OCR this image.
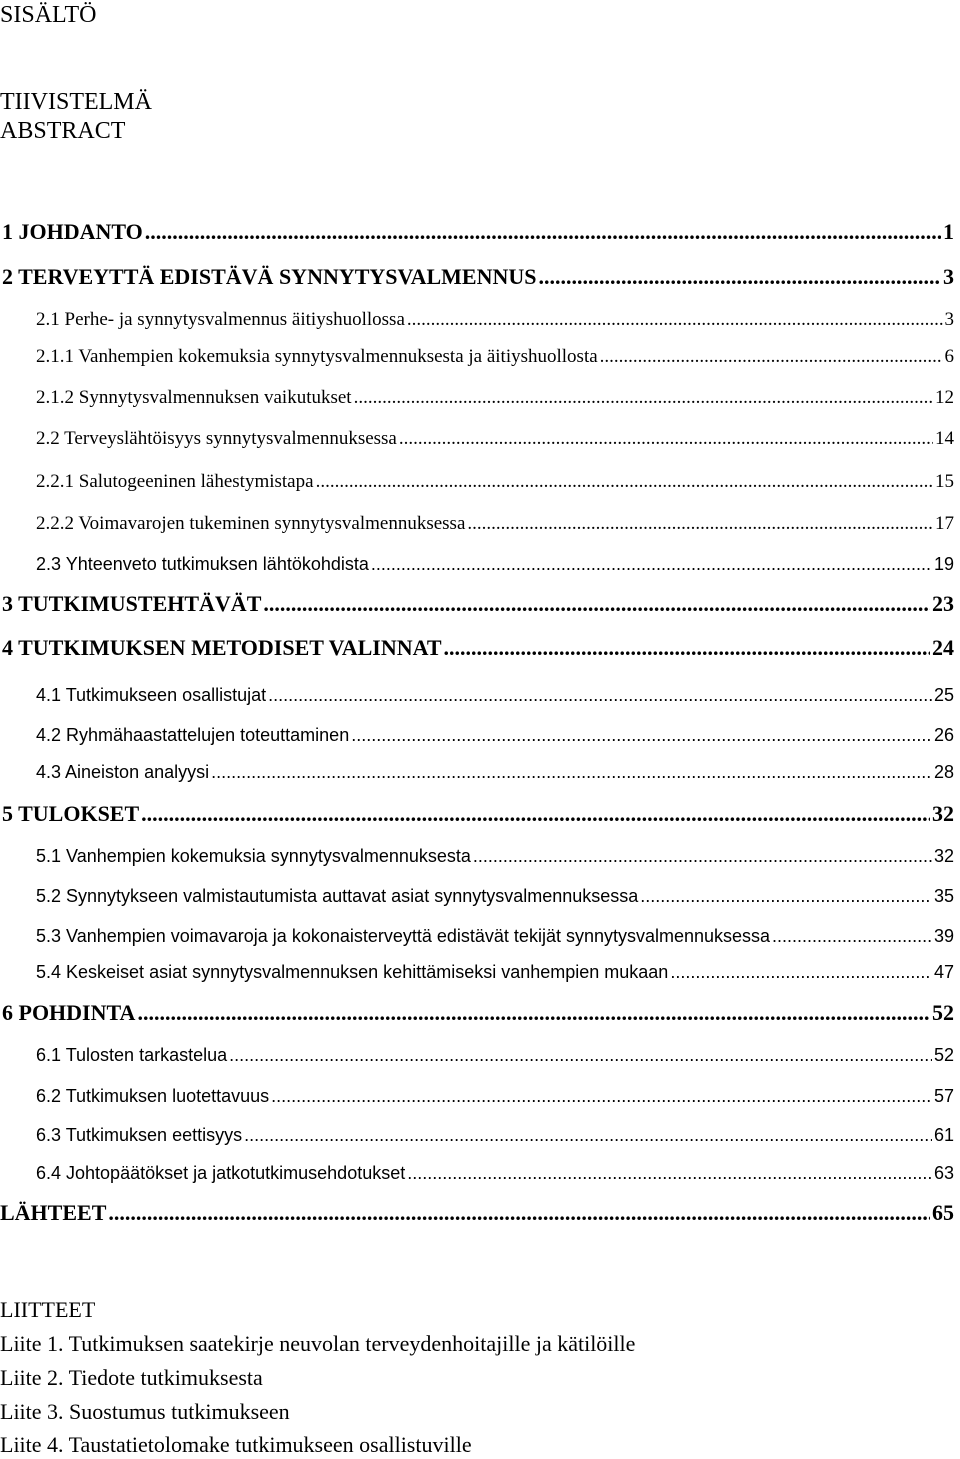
SISÄLTÖ
TIIVISTELMÄ
ABSTRACT
1 JOHDANTO .....	1
2 TERVEYTTÄ EDISTÄVÄ SYNNYTYSVALMENNUS .....	3
2.1 Perhe- ja synnytysvalmennus äitiyshuollossa .....	3
2.1.1 Vanhempien kokemuksia synnytysvalmennuksesta ja äitiyshuollosta .....	6
2.1.2 Synnytysvalmennuksen vaikutukset .....	12
2.2 Terveyslähtöisyys synnytysvalmennuksessa .....	14
2.2.1 Salutogeeninen lähestymistapa .....	15
2.2.2 Voimavarojen tukeminen synnytysvalmennuksessa .....	17
2.3 Yhteenveto tutkimuksen lähtökohdista .....	19
3 TUTKIMUSTEHTÄVÄT .....	23
4 TUTKIMUKSEN METODISET VALINNAT .....	24
4.1 Tutkimukseen osallistujat .....	25
4.2 Ryhmähaastattelujen toteuttaminen .....	26
4.3 Aineiston analyysi .....	28
5 TULOKSET .....	32
5.1 Vanhempien kokemuksia synnytysvalmennuksesta .....	32
5.2 Synnytykseen valmistautumista auttavat asiat synnytysvalmennuksessa .....	35
5.3 Vanhempien voimavaroja ja kokonaisterveyttä edistävät tekijät synnytysvalmennuksessa .....	39
5.4 Keskeiset asiat synnytysvalmennuksen kehittämiseksi vanhempien mukaan .....	47
6 POHDINTA .....	52
6.1 Tulosten tarkastelua .....	52
6.2 Tutkimuksen luotettavuus .....	57
6.3 Tutkimuksen eettisyys .....	61
6.4 Johtopäätökset ja jatkotutkimusehdotukset .....	63
LÄHTEET .....	65
LIITTEET
Liite 1. Tutkimuksen saatekirje neuvolan terveydenhoitajille ja kätilöille
Liite 2. Tiedote tutkimuksesta
Liite 3. Suostumus tutkimukseen
Liite 4. Taustatietolomake tutkimukseen osallistuville
